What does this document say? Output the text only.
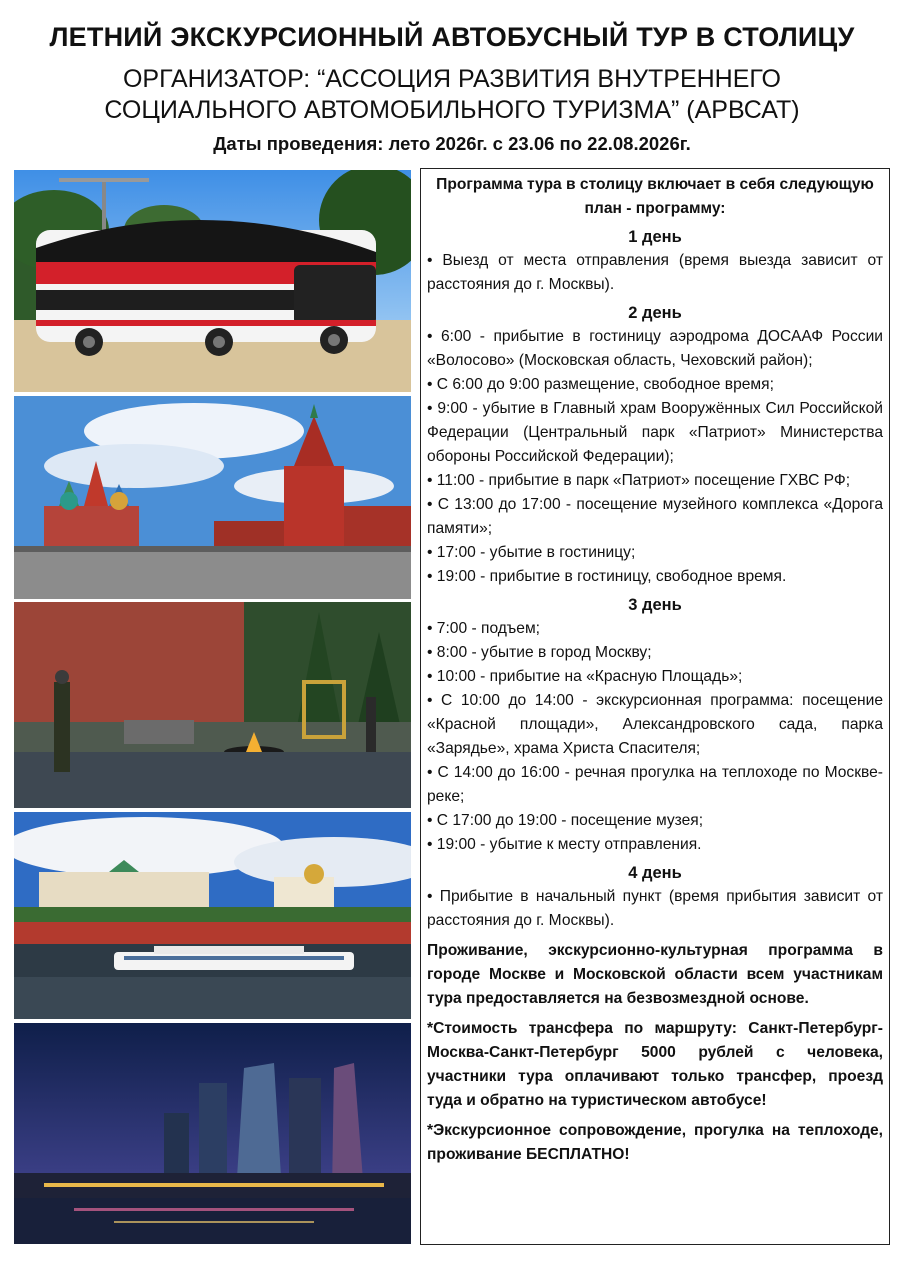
ЛЕТНИЙ ЭКСКУРСИОННЫЙ АВТОБУСНЫЙ ТУР В СТОЛИЦУ
ОРГАНИЗАТОР: “АССОЦИЯ РАЗВИТИЯ ВНУТРЕННЕГО
СОЦИАЛЬНОГО АВТОМОБИЛЬНОГО ТУРИЗМА” (АРВСАТ)
Даты проведения: лето 2026г. с 23.06 по 22.08.2026г.
Программа тура в столицу включает в себя следующую план - программу:
1 день
• Выезд от места отправления (время выезда зависит от расстояния до г. Москвы).
2 день
• 6:00 - прибытие в гостиницу аэродрома ДОСААФ России «Волосово» (Московская область, Чеховский район);
• С 6:00 до 9:00 размещение, свободное время;
• 9:00 - убытие в Главный храм Вооружённых Сил Российской Федерации (Центральный парк «Патриот» Министерства обороны Российской Федерации);
• 11:00 - прибытие в парк «Патриот» посещение ГХВС РФ;
• С 13:00 до 17:00 - посещение музейного комплекса «Дорога памяти»;
• 17:00 - убытие в гостиницу;
• 19:00 - прибытие в гостиницу, свободное время.
3 день
• 7:00 - подъем;
• 8:00 - убытие в город Москву;
• 10:00 - прибытие на «Красную Площадь»;
• С 10:00 до 14:00 - экскурсионная программа: посещение «Красной площади», Александровского сада, парка «Зарядье», храма Христа Спасителя;
• С 14:00 до 16:00 - речная прогулка на теплоходе по Москве-реке;
• С 17:00 до 19:00 - посещение музея;
• 19:00 - убытие к месту отправления.
4 день
• Прибытие в начальный пункт (время прибытия зависит от расстояния до г. Москвы).
Проживание, экскурсионно-культурная программа в городе Москве и Московской области всем участникам тура предоставляется на безвозмездной основе.
*Стоимость трансфера по маршруту: Санкт-Петербург-Москва-Санкт-Петербург 5000 рублей с человека, участники тура оплачивают только трансфер, проезд туда и обратно на туристическом автобусе!
*Экскурсионное сопровождение, прогулка на теплоходе, проживание БЕСПЛАТНО!
